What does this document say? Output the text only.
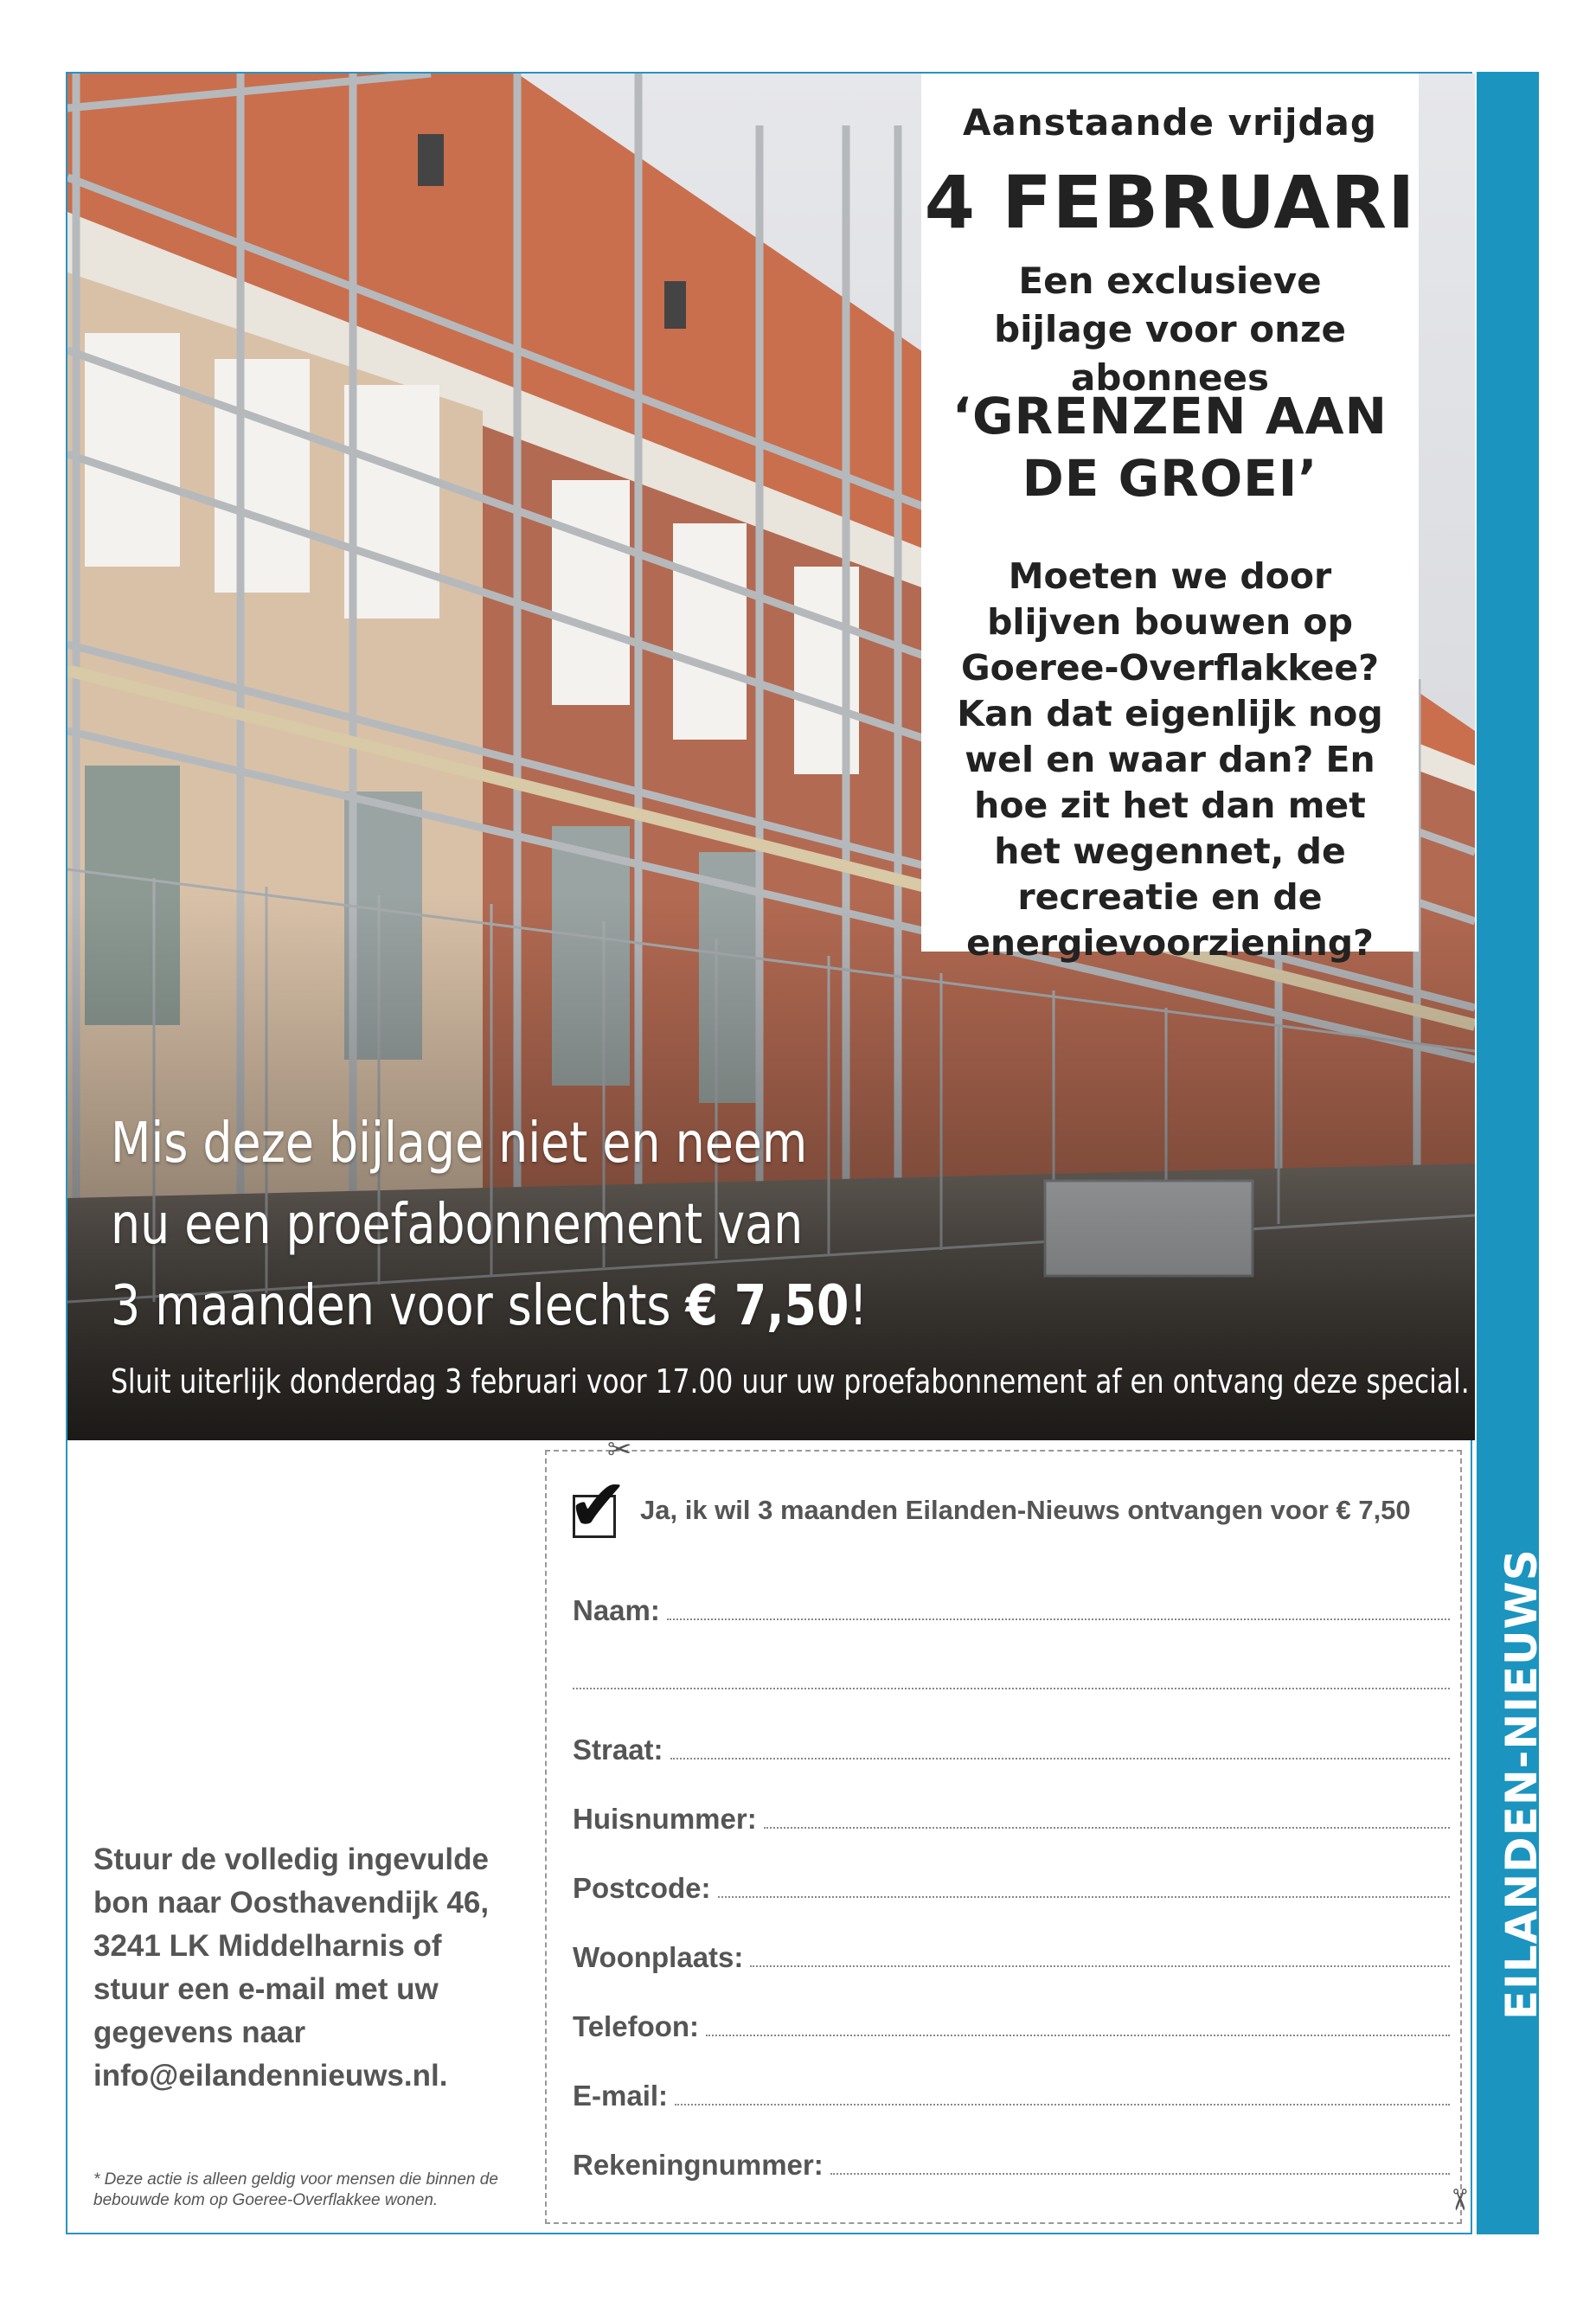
Mis deze bijlage niet en neem
nu een proefabonnement van
3 maanden voor slechts € 7,50!
Sluit uiterlijk donderdag 3 februari voor 17.00 uur uw proefabonnement af en ontvang deze special.
Aanstaande vrijdag
4 FEBRUARI
Een exclusieve bijlage voor onze abonnees
‘GRENZEN AAN DE GROEI’
Moeten we door blijven bouwen op Goeree-Overflakkee? Kan dat eigenlijk nog wel en waar dan? En hoe zit het dan met het wegennet, de recreatie en de energievoorziening?
EILANDEN-NIEUWS
✂
✂
✔ Ja, ik wil 3 maanden Eilanden-Nieuws ontvangen voor € 7,50
Naam:
Straat:
Huisnummer:
Postcode:
Woonplaats:
Telefoon:
E-mail:
Rekeningnummer:
Stuur de volledig ingevulde bon naar Oosthavendijk 46, 3241 LK Middelharnis of stuur een e-mail met uw gegevens naar info@eilandennieuws.nl.
* Deze actie is alleen geldig voor mensen die binnen de bebouwde kom op Goeree-Overflakkee wonen.
